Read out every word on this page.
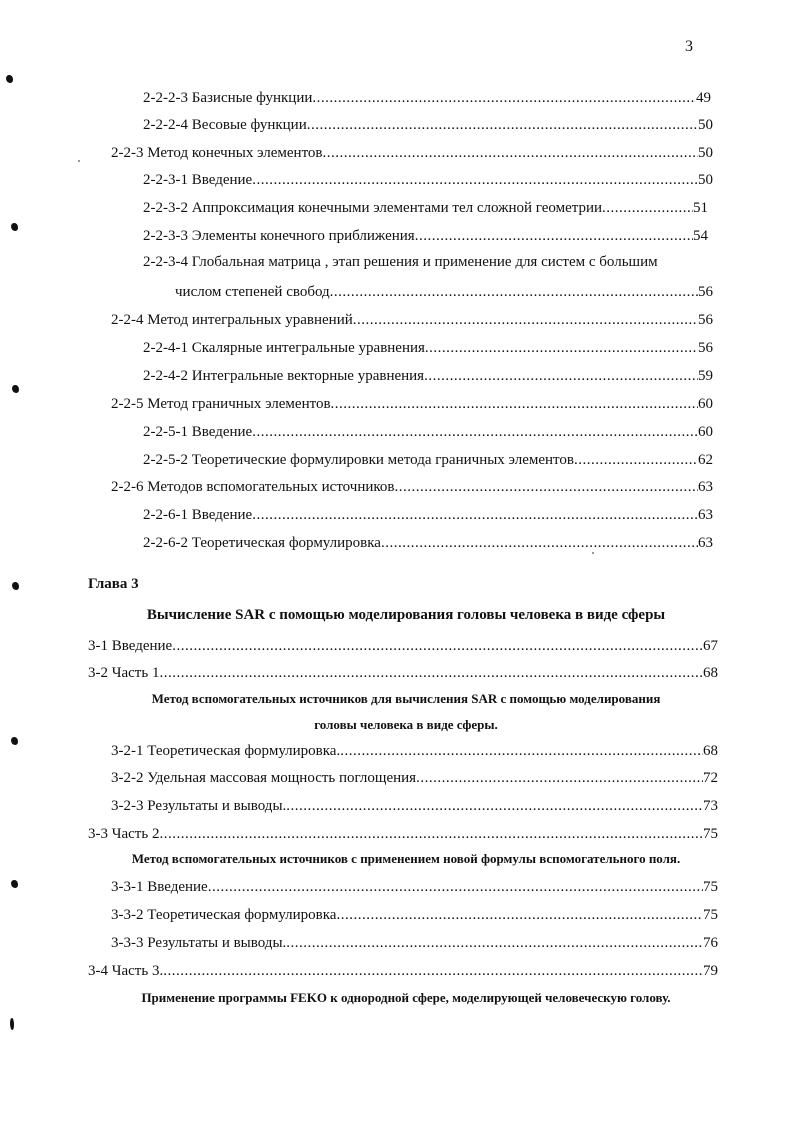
3
2-2-2-3 Базисные функции .....	49
2-2-2-4 Весовые функции .....	50
2-2-3 Метод конечных элементов .....	50
2-2-3-1 Введение .....	50
2-2-3-2 Аппроксимация конечными элементами тел сложной геометрии .....	51
2-2-3-3 Элементы конечного приближения .....	54
2-2-3-4 Глобальная матрица , этап решения и применение для систем с большим
числом степеней свобод .....	56
2-2-4 Метод интегральных уравнений .....	56
2-2-4-1 Скалярные интегральные уравнения .....	56
2-2-4-2 Интегральные векторные уравнения .....	59
2-2-5 Метод граничных элементов .....	60
2-2-5-1 Введение .....	60
2-2-5-2 Теоретические формулировки метода граничных элементов .....	62
2-2-6 Методов вспомогательных источников .....	63
2-2-6-1 Введение .....	63
2-2-6-2 Теоретическая формулировка .....	63
Глава 3
Вычисление SAR с помощью моделирования головы человека в виде сферы
3-1 Введение .....	67
3-2 Часть 1 .....	68
Метод вспомогательных источников для вычисления SAR с помощью моделирования
головы человека в виде сферы.
3-2-1 Теоретическая формулировка. .....	68
3-2-2 Удельная массовая мощность поглощения .....	72
3-2-3 Результаты и выводы. .....	73
3-3 Часть 2 .....	75
Метод вспомогательных источников с применением новой формулы вспомогательного поля.
3-3-1 Введение .....	75
3-3-2 Теоретическая формулировка .....	75
3-3-3 Результаты и выводы. .....	76
3-4 Часть 3. .....	79
Применение программы FEKO к однородной сфере, моделирующей человеческую голову.
